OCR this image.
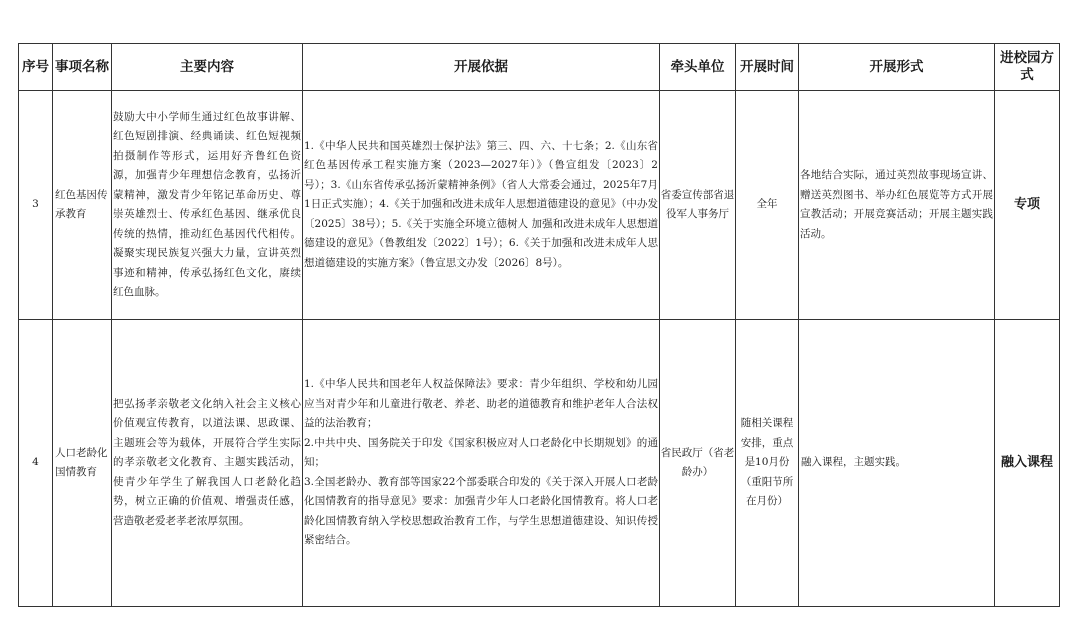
序号	事项名称	主要内容	开展依据	牵头单位	开展时间	开展形式	进校园方式
3	红色基因传承教育	鼓励大中小学师生通过红色故事讲解、红色短剧排演、经典诵读、红色短视频拍摄制作等形式，运用好齐鲁红色资源，加强青少年理想信念教育，弘扬沂蒙精神，激发青少年铭记革命历史、尊崇英雄烈士、传承红色基因、继承优良传统的热情，推动红色基因代代相传。凝聚实现民族复兴强大力量，宣讲英烈事迹和精神，传承弘扬红色文化，赓续红色血脉。	1.《中华人民共和国英雄烈士保护法》第三、四、六、十七条；2.《山东省红色基因传承工程实施方案（2023—2027年）》（鲁宣组发〔2023〕2号）；3.《山东省传承弘扬沂蒙精神条例》（省人大常委会通过，2025年7月1日正式实施）；4.《关于加强和改进未成年人思想道德建设的意见》（中办发〔2025〕38号）；5.《关于实施全环境立德树人 加强和改进未成年人思想道德建设的意见》（鲁教组发〔2022〕1号）；6.《关于加强和改进未成年人思想道德建设的实施方案》（鲁宣思文办发〔2026〕8号）。	省委宣传部省退役军人事务厅	全年	各地结合实际，通过英烈故事现场宣讲、赠送英烈图书、举办红色展览等方式开展宣教活动；开展竞赛活动；开展主题实践活动。	专项
4	人口老龄化国情教育	把弘扬孝亲敬老文化纳入社会主义核心价值观宣传教育，以道法课、思政课、主题班会等为载体，开展符合学生实际的孝亲敬老文化教育、主题实践活动，使青少年学生了解我国人口老龄化趋势，树立正确的价值观、增强责任感，营造敬老爱老孝老浓厚氛围。	1.《中华人民共和国老年人权益保障法》要求：青少年组织、学校和幼儿园应当对青少年和儿童进行敬老、养老、助老的道德教育和维护老年人合法权益的法治教育；
2.中共中央、国务院关于印发《国家积极应对人口老龄化中长期规划》的通知；
3.全国老龄办、教育部等国家22个部委联合印发的《关于深入开展人口老龄化国情教育的指导意见》要求：加强青少年人口老龄化国情教育。将人口老龄化国情教育纳入学校思想政治教育工作，与学生思想道德建设、知识传授紧密结合。	省民政厅（省老龄办）	随相关课程安排，重点是10月份（重阳节所在月份）	融入课程，主题实践。	融入课程
